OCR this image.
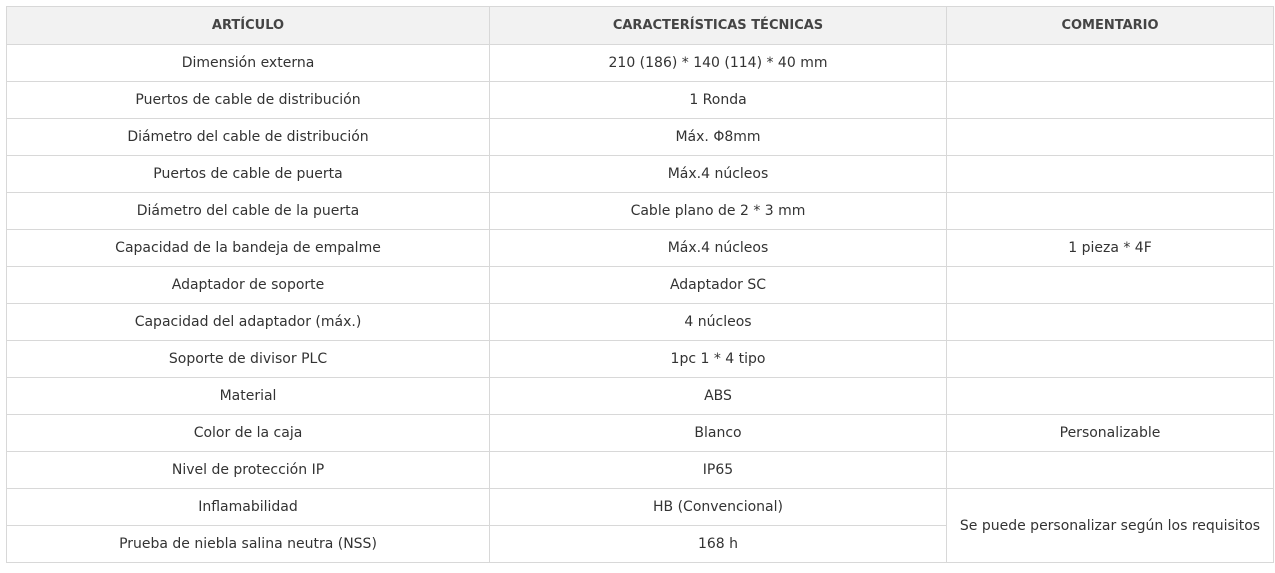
ARTÍCULO	CARACTERÍSTICAS TÉCNICAS	COMENTARIO
Dimensión externa	210 (186) * 140 (114) * 40 mm	
Puertos de cable de distribución	1 Ronda	
Diámetro del cable de distribución	Máx. Φ8mm	
Puertos de cable de puerta	Máx.4 núcleos	
Diámetro del cable de la puerta	Cable plano de 2 * 3 mm	
Capacidad de la bandeja de empalme	Máx.4 núcleos	1 pieza * 4F
Adaptador de soporte	Adaptador SC	
Capacidad del adaptador (máx.)	4 núcleos	
Soporte de divisor PLC	1pc 1 * 4 tipo	
Material	ABS	
Color de la caja	Blanco	Personalizable
Nivel de protección IP	IP65	
Inflamabilidad	HB (Convencional)	Se puede personalizar según los requisitos
Prueba de niebla salina neutra (NSS)	168 h	
